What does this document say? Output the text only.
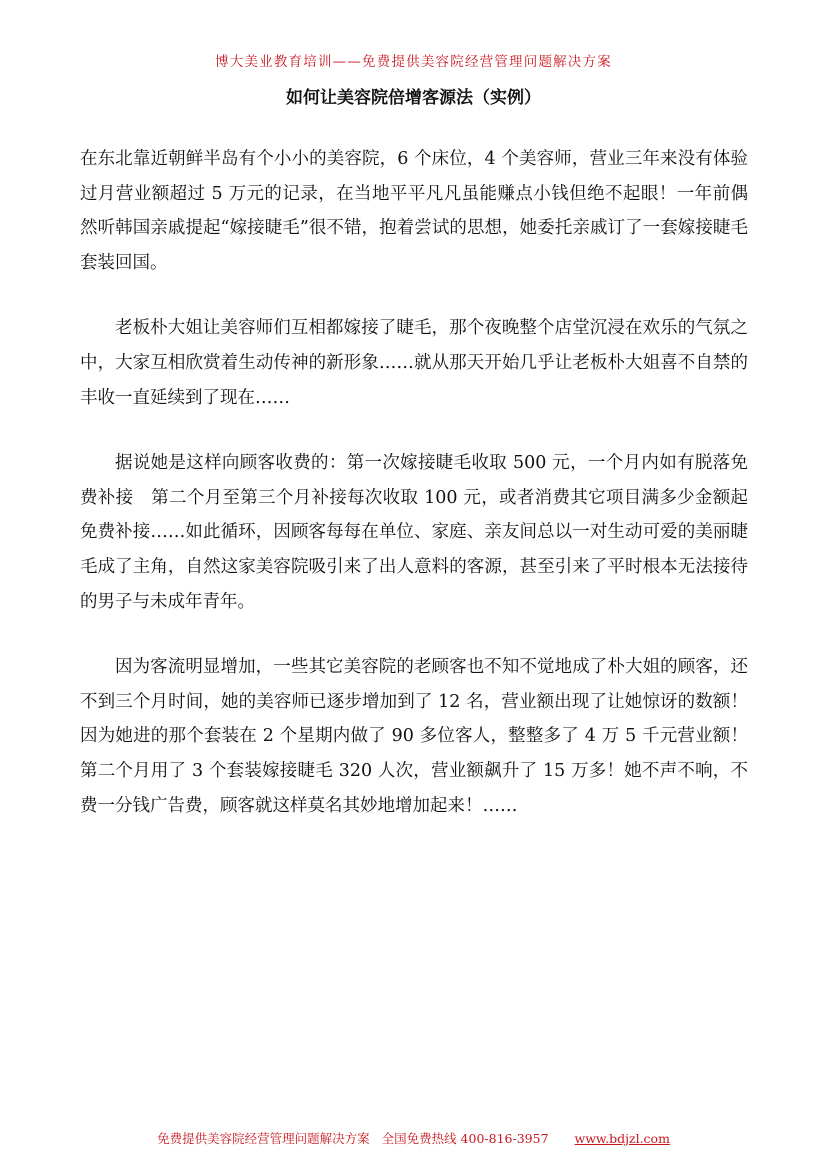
博大美业教育培训——免费提供美容院经营管理问题解决方案
如何让美容院倍增客源法（实例）

在东北靠近朝鲜半岛有个小小的美容院，6 个床位，4 个美容师，营业三年来没有体验过月营业额超过 5 万元的记录，在当地平平凡凡虽能赚点小钱但绝不起眼！一年前偶然听韩国亲戚提起“嫁接睫毛”很不错，抱着尝试的思想，她委托亲戚订了一套嫁接睫毛套装回国。

老板朴大姐让美容师们互相都嫁接了睫毛，那个夜晚整个店堂沉浸在欢乐的气氛之中，大家互相欣赏着生动传神的新形象……就从那天开始几乎让老板朴大姐喜不自禁的丰收一直延续到了现在……

据说她是这样向顾客收费的：第一次嫁接睫毛收取 500 元，一个月内如有脱落免费补接　第二个月至第三个月补接每次收取 100 元，或者消费其它项目满多少金额起免费补接……如此循环，因顾客每每在单位、家庭、亲友间总以一对生动可爱的美丽睫毛成了主角，自然这家美容院吸引来了出人意料的客源，甚至引来了平时根本无法接待的男子与未成年青年。

因为客流明显增加，一些其它美容院的老顾客也不知不觉地成了朴大姐的顾客，还不到三个月时间，她的美容师已逐步增加到了 12 名，营业额出现了让她惊讶的数额！因为她进的那个套装在 2 个星期内做了 90 多位客人，整整多了 4 万 5 千元营业额！第二个月用了 3 个套装嫁接睫毛 320 人次，营业额飙升了 15 万多！她不声不响，不费一分钱广告费，顾客就这样莫名其妙地增加起来！……

免费提供美容院经营管理问题解决方案 全国免费热线 400-816-3957 www.bdjzl.com
